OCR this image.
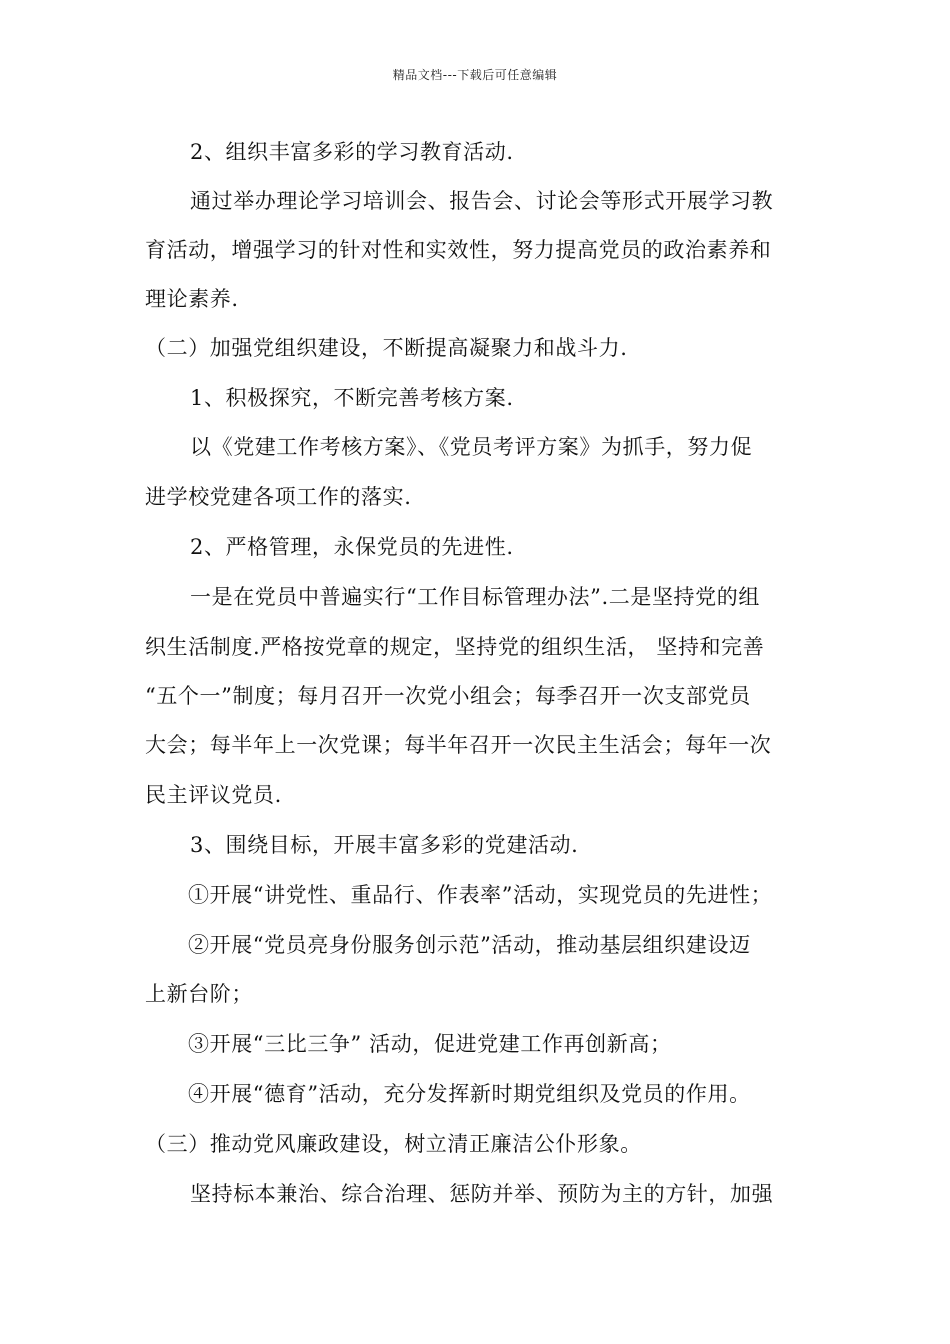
精品文档---下载后可任意编辑
2、组织丰富多彩的学习教育活动.
通过举办理论学习培训会、报告会、讨论会等形式开展学习教
育活动，增强学习的针对性和实效性，努力提高党员的政治素养和
理论素养.
（二）加强党组织建设，不断提高凝聚力和战斗力.
1、积极探究，不断完善考核方案.
以《党建工作考核方案》、《党员考评方案》为抓手，努力促
进学校党建各项工作的落实.
2、严格管理，永保党员的先进性.
一是在党员中普遍实行“工作目标管理办法”.二是坚持党的组
织生活制度.严格按党章的规定，坚持党的组织生活， 坚持和完善
“五个一”制度；每月召开一次党小组会；每季召开一次支部党员
大会；每半年上一次党课；每半年召开一次民主生活会；每年一次
民主评议党员.
3、围绕目标，开展丰富多彩的党建活动.
①开展“讲党性、重品行、作表率”活动，实现党员的先进性；
②开展“党员亮身份服务创示范”活动，推动基层组织建设迈
上新台阶；
③开展“三比三争” 活动，促进党建工作再创新高；
④开展“德育”活动，充分发挥新时期党组织及党员的作用。
（三）推动党风廉政建设，树立清正廉洁公仆形象。
坚持标本兼治、综合治理、惩防并举、预防为主的方针，加强
